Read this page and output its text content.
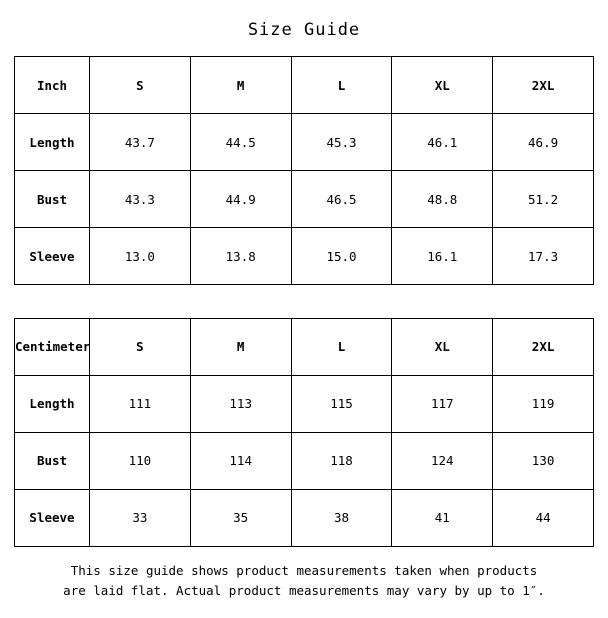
Size Guide
Inch	S	M	L	XL	2XL
Length	43.7	44.5	45.3	46.1	46.9
Bust	43.3	44.9	46.5	48.8	51.2
Sleeve	13.0	13.8	15.0	16.1	17.3
Centimeter	S	M	L	XL	2XL
Length	111	113	115	117	119
Bust	110	114	118	124	130
Sleeve	33	35	38	41	44
This size guide shows product measurements taken when products
are laid flat. Actual product measurements may vary by up to 1″.
